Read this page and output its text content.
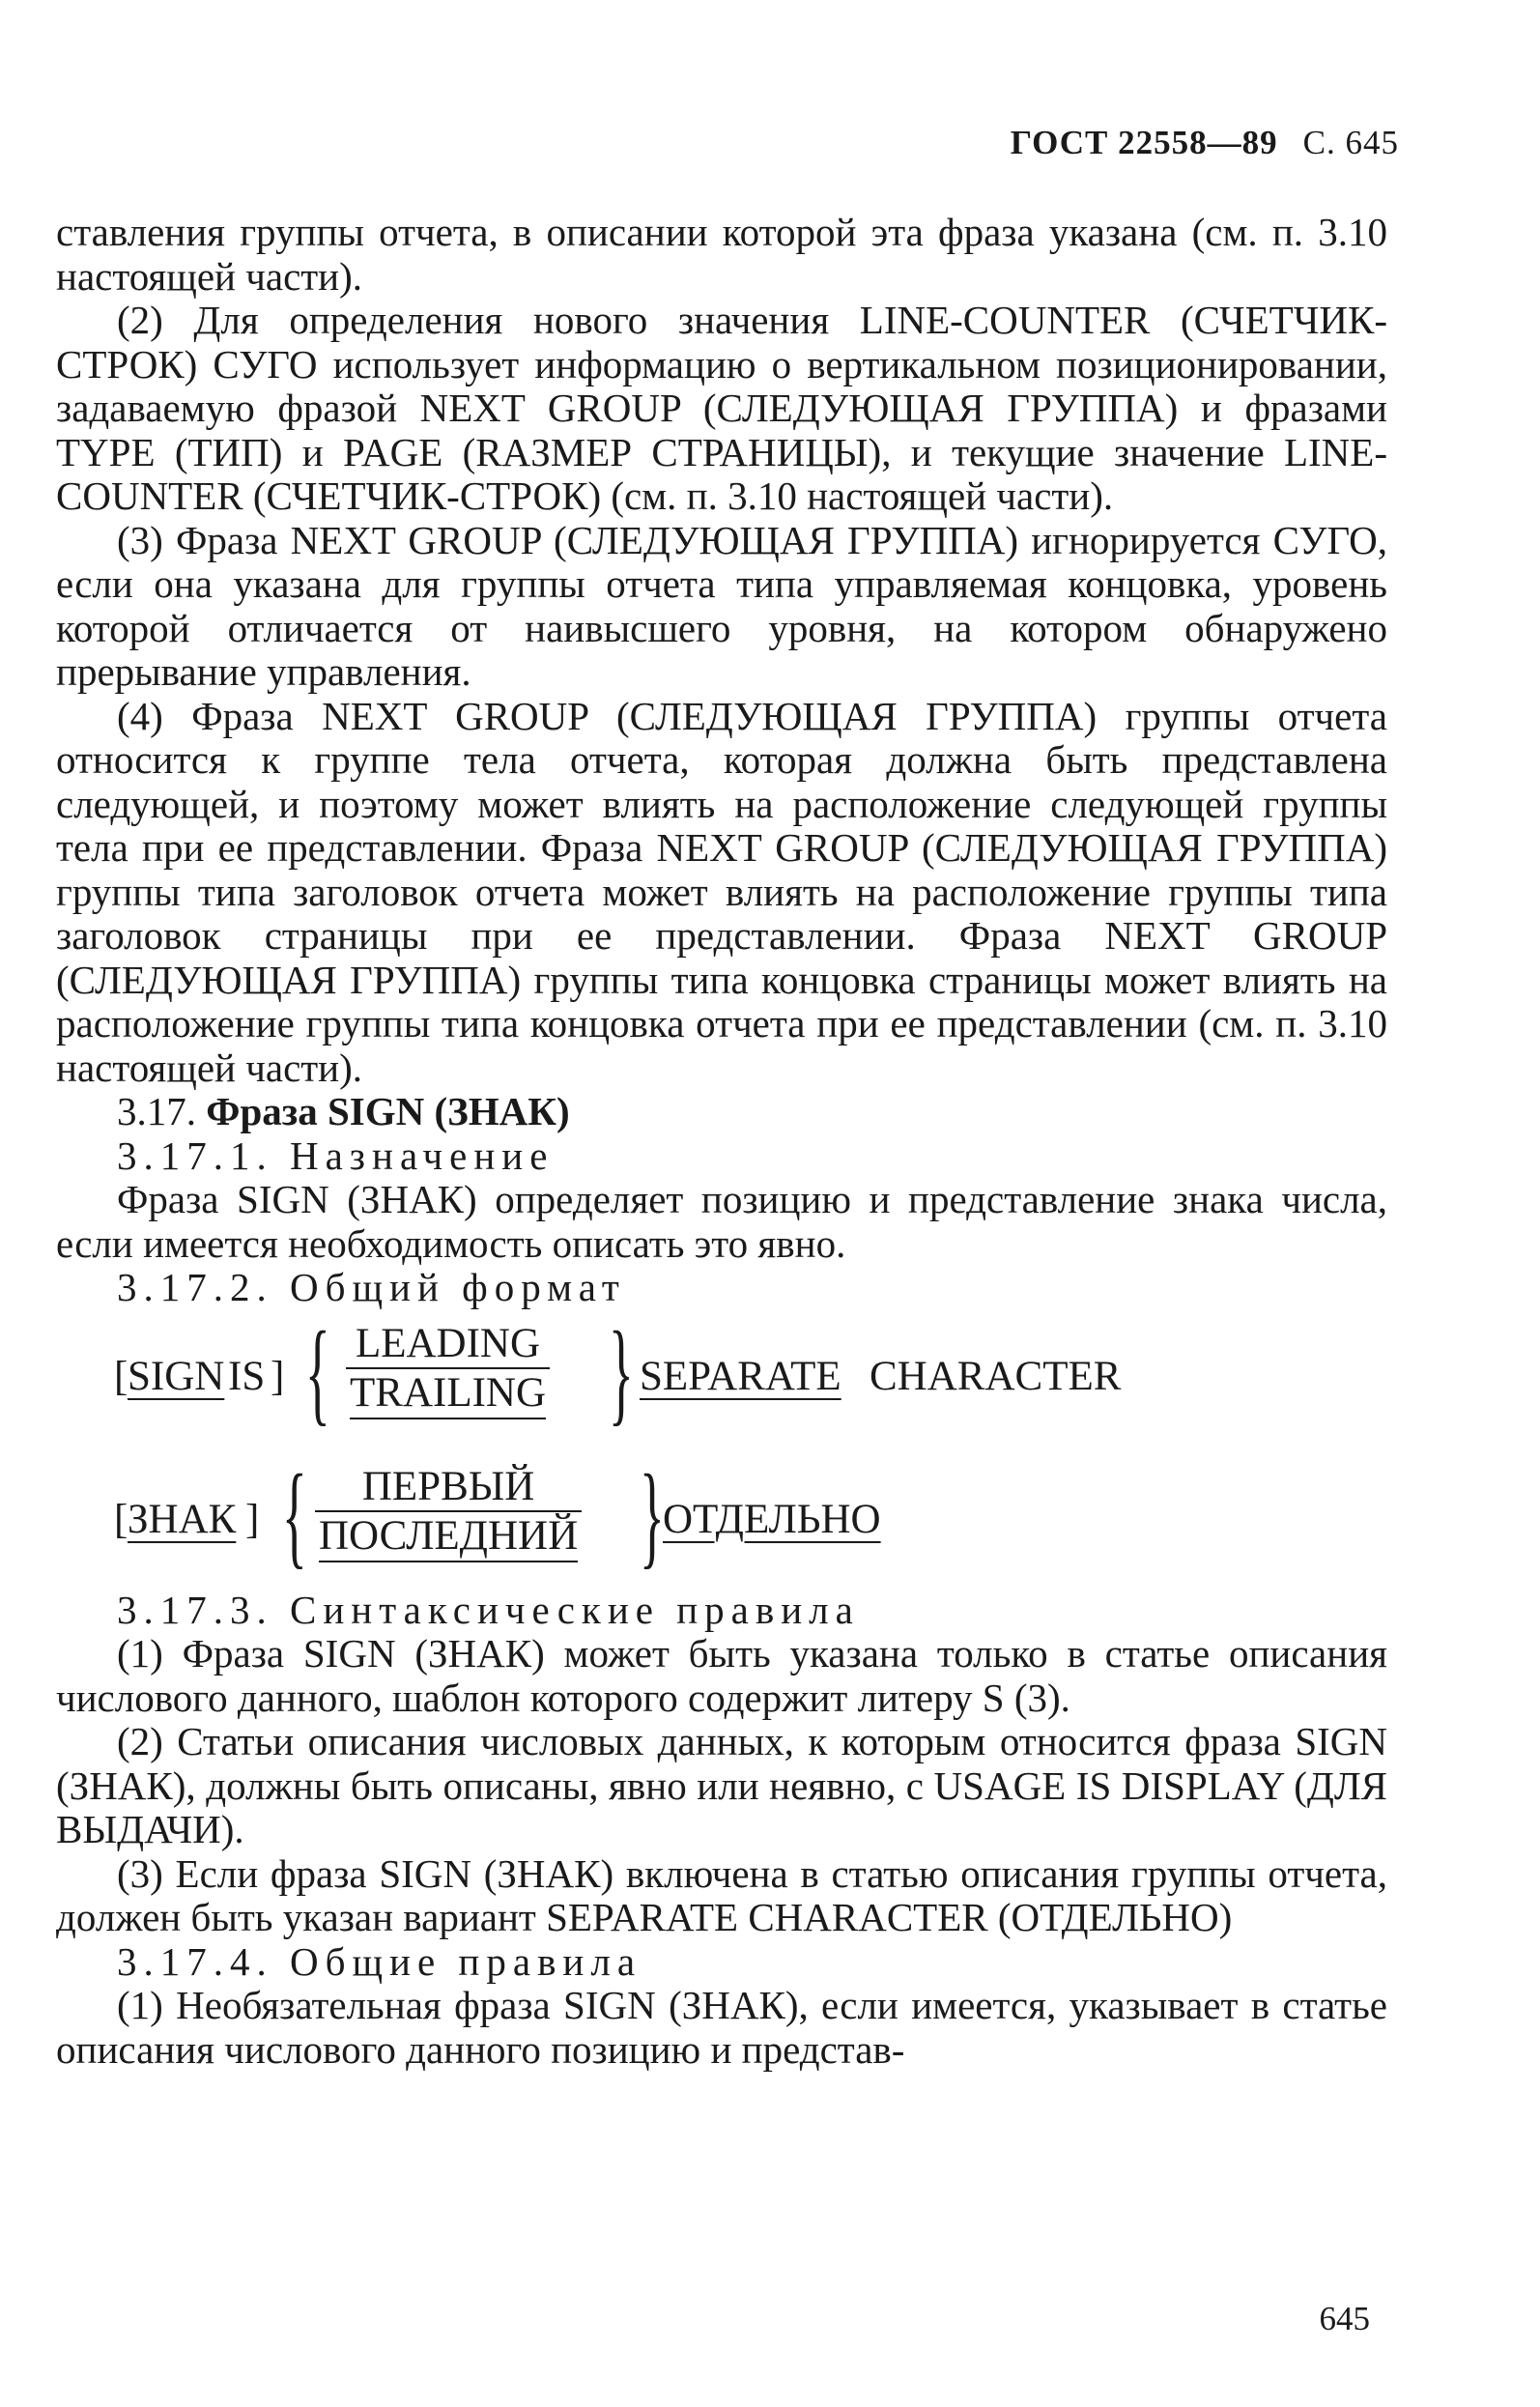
ГОСТ 22558—89 С. 645

ставления группы отчета, в описании которой эта фраза указана (см. п. 3.10 настоящей части).

(2) Для определения нового значения LINE-COUNTER (СЧЕТЧИК-СТРОК) СУГО использует информацию о вертикальном позиционировании, задаваемую фразой NEXT GROUP (СЛЕДУЮЩАЯ ГРУППА) и фразами TYPE (ТИП) и PAGE (RAЗМЕР СТРАНИЦЫ), и текущие значение LINE-COUNTER (СЧЕТЧИК-СТРОК) (см. п. 3.10 настоящей части).

(3) Фраза NEXT GROUP (СЛЕДУЮЩАЯ ГРУППА) игнорируется СУГО, если она указана для группы отчета типа управляемая концовка, уровень которой отличается от наивысшего уровня, на котором обнаружено прерывание управления.

(4) Фраза NEXT GROUP (СЛЕДУЮЩАЯ ГРУППА) группы отчета относится к группе тела отчета, которая должна быть представлена следующей, и поэтому может влиять на расположение следующей группы тела при ее представлении. Фраза NEXT GROUP (СЛЕДУЮЩАЯ ГРУППА) группы типа заголовок отчета может влиять на расположение группы типа заголовок страницы при ее представлении. Фраза NEXT GROUP (СЛЕДУЮЩАЯ ГРУППА) группы типа концовка страницы может влиять на расположение группы типа концовка отчета при ее представлении (см. п. 3.10 настоящей части).

3.17. Фраза SIGN (ЗНАК)

3.17.1. Назначение

Фраза SIGN (ЗНАК) определяет позицию и представление знака числа, если имеется необходимость описать это явно.

3.17.2. Общий формат

[ SIGN IS ] { LEADING
TRAILING } SEPARATE CHARACTER
[ ЗНАК ] {	ПЕРВЫЙ
ПОСЛЕДНИЙ }
ОТДЕЛЬНО

3.17.3. Синтаксические правила

(1) Фраза SIGN (ЗНАК) может быть указана только в статье описания числового данного, шаблон которого содержит литеру S (3).

(2) Статьи описания числовых данных, к которым относится фраза SIGN (ЗНАК), должны быть описаны, явно или неявно, с USAGE IS DISPLAY (ДЛЯ ВЫДАЧИ).

(3) Если фраза SIGN (ЗНАК) включена в статью описания группы отчета, должен быть указан вариант SEPARATE CHARACTER (ОТДЕЛЬНО)

3.17.4. Общие правила

(1) Необязательная фраза SIGN (ЗНАК), если имеется, указывает в статье описания числового данного позицию и представ-

645
